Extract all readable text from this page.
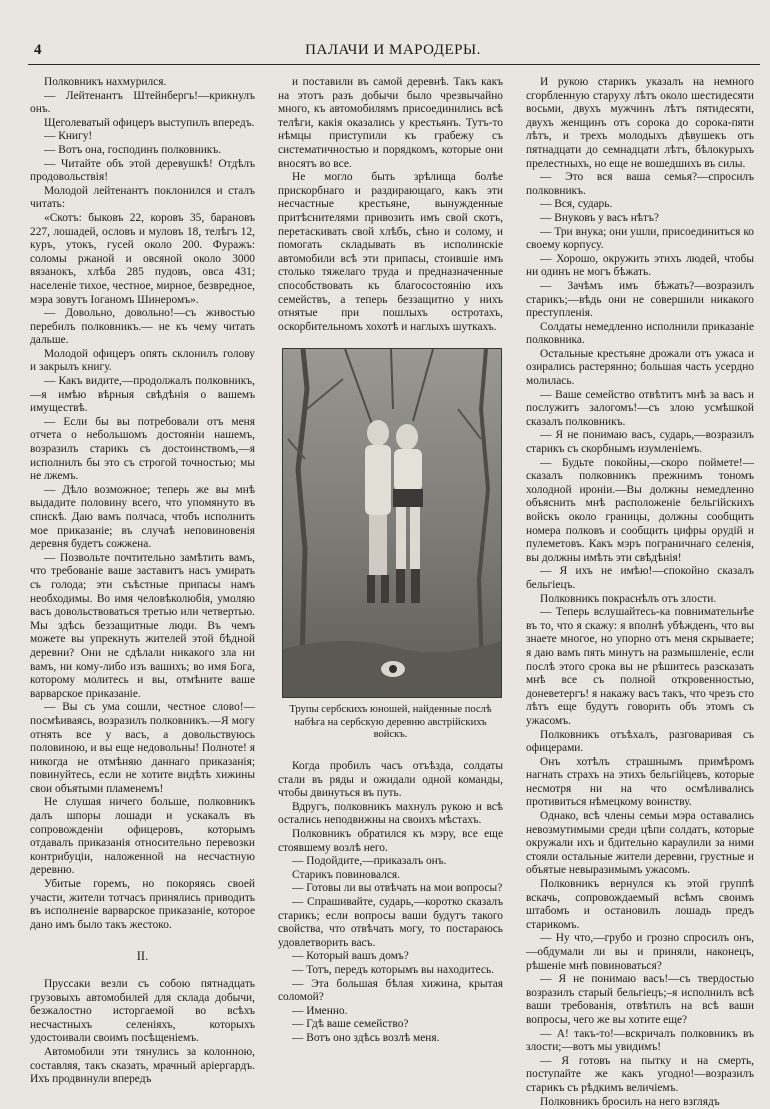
4	ПАЛАЧИ И МАРОДЕРЫ.

Полковникъ нахмурился.

— Лейтенантъ Штейнбергъ!—крикнулъ онъ.

Щеголеватый офицеръ выступилъ впередъ.

— Книгу!

— Вотъ она, господинъ полковникъ.

— Читайте объ этой деревушкѣ! Отдѣлъ продовольствія!

Молодой лейтенантъ поклонился и сталъ читать:

«Скотъ: быковъ 22, коровъ 35, барановъ 227, лошадей, ословъ и муловъ 18, телѣгъ 12, куръ, утокъ, гусей около 200. Фуражъ: соломы ржаной и овсяной около 3000 вязанокъ, хлѣба 285 пудовъ, овса 431; населеніе тихое, честное, мирное, безвредное, мэра зовутъ Іоганомъ Шинеромъ».

— Довольно, довольно!—съ живостью перебилъ полковникъ.— не къ чему читать дальше.

Молодой офицеръ опять склонилъ голову и закрылъ книгу.

— Какъ видите,—продолжалъ полковникъ,—я имѣю вѣрныя свѣдѣнія о вашемъ имуществѣ.

— Если бы вы потребовали отъ меня отчета о небольшомъ достояніи нашемъ, возразилъ старикъ съ достоинствомъ,—я исполнилъ бы это съ строгой точностью; мы не лжемъ.

— Дѣло возможное; теперь же вы мнѣ выдадите половину всего, что упомянуто въ спискѣ. Даю вамъ полчаса, чтобъ исполнить мое приказаніе; въ случаѣ неповиновенія деревня будетъ сожжена.

— Позвольте почтительно замѣтить вамъ, что требованіе ваше заставитъ насъ умирать съ голода; эти съѣстные припасы намъ необходимы. Во имя человѣколюбія, умоляю васъ довольствоваться третью или четвертью. Мы здѣсь беззащитные люди. Въ чемъ можете вы упрекнуть жителей этой бѣдной деревни? Они не сдѣлали никакого зла ни вамъ, ни кому-либо изъ вашихъ; во имя Бога, которому молитесь и вы, отмѣните ваше варварское приказаніе.

— Вы съ ума сошли, честное слово!—посмѣиваясь, возразилъ полковникъ.—Я могу отнять все у васъ, а довольствуюсь половиною, и вы еще недовольны! Полноте! я никогда не отмѣняю даннаго приказанія; повинуйтесь, если не хотите видѣть хижины свои объятыми пламенемъ!

Не слушая ничего больше, полковникъ далъ шпоры лошади и ускакалъ въ сопровожденіи офицеровъ, которымъ отдавалъ приказанія относительно перевозки контрибуціи, наложенной на несчастную деревню.

Убитые горемъ, но покоряясь своей участи, жители тотчасъ принялись приводить въ исполненіе варварское приказаніе, которое дано имъ было такъ жестоко.

II.

Пруссаки везли съ собою пятнадцать грузовыхъ автомобилей для склада добычи, безжалостно исторгаемой во всѣхъ несчастныхъ селеніяхъ, которыхъ удостоивали своимъ посѣщеніемъ.

Автомобили эти тянулись за колонною, составляя, такъ сказать, мрачный аріергардъ. Ихъ продвинули впередъ

и поставили въ самой деревнѣ. Такъ какъ на этотъ разъ добычи было чрезвычайно много, къ автомобилямъ присоединились всѣ телѣги, какія оказались у крестьянъ. Тутъ-то нѣмцы приступили къ грабежу съ систематичностью и порядкомъ, которые они вносятъ во все.

Не могло быть зрѣлища болѣе прискорбнаго и раздирающаго, какъ эти несчастные крестьяне, вынужденные притѣснителями привозить имъ свой скотъ, перетаскивать свой хлѣбъ, сѣно и солому, и помогать складывать въ исполинскіе автомобили всѣ эти припасы, стоившіе имъ столько тяжелаго труда и предназначенные способствовать къ благосостоянію ихъ семействъ, а теперь беззащитно у нихъ отнятые при пошлыхъ остротахъ, оскорбительномъ хохотѣ и наглыхъ шуткахъ.

Трупы сербскихъ юношей, найденные послѣ набѣга на сербскую деревню австрійскихъ войскъ.

Когда пробилъ часъ отъѣзда, солдаты стали въ ряды и ожидали одной команды, чтобы двинуться въ путь.

Вдругъ, полковникъ махнулъ рукою и всѣ остались неподвижны на своихъ мѣстахъ.

Полковникъ обратился къ мэру, все еще стоявшему возлѣ него.

— Подойдите,—приказалъ онъ.

Старикъ повиновался.

— Готовы ли вы отвѣчать на мои вопросы?

— Спрашивайте, сударь,—коротко сказалъ старикъ; если вопросы ваши будутъ такого свойства, что отвѣчать могу, то постараюсь удовлетворить васъ.

— Который вашъ домъ?

— Тотъ, передъ которымъ вы находитесь.

— Эта большая бѣлая хижина, крытая соломой?

— Именно.

— Гдѣ ваше семейство?

— Вотъ оно здѣсь возлѣ меня.

И рукою старикъ указалъ на немного сгорбленную старуху лѣтъ около шестидесяти восьми, двухъ мужчинъ лѣтъ пятидесяти, двухъ женщинъ отъ сорока до сорока-пяти лѣтъ, и трехъ молодыхъ дѣвушекъ отъ пятнадцати до семнадцати лѣтъ, бѣлокурыхъ прелестныхъ, но еще не вошедшихъ въ силы.

— Это вся ваша семья?—спросилъ полковникъ.

— Вся, сударь.

— Внуковъ у васъ нѣтъ?

— Три внука; они ушли, присоединиться ко своему корпусу.

— Хорошо, окружить этихъ людей, чтобы ни одинъ не могъ бѣжать.

— Зачѣмъ имъ бѣжать?—возразилъ старикъ;—вѣдь они не совершили никакого преступленія.

Солдаты немедленно исполнили приказаніе полковника.

Остальные крестьяне дрожали отъ ужаса и озирались растерянно; большая часть усердно молилась.

— Ваше семейство отвѣтитъ мнѣ за васъ и послужитъ залогомъ!—съ злою усмѣшкой сказалъ полковникъ.

— Я не понимаю васъ, сударь,—возразилъ старикъ съ скорбнымъ изумленіемъ.

— Будьте покойны,—скоро поймете!—сказалъ полковникъ прежнимъ тономъ холодной ироніи.—Вы должны немедленно объяснить мнѣ расположеніе бельгійскихъ войскъ около границы, должны сообщить номера полковъ и сообщить цифры орудій и пулеметовъ. Какъ мэръ пограничнаго селенія, вы должны имѣть эти свѣдѣнія!

— Я ихъ не имѣю!—спокойно сказалъ бельгіецъ.

Полковникъ покраснѣлъ отъ злости.

— Теперь вслушайтесь-ка повнимательнѣе въ то, что я скажу: я вполнѣ убѣжденъ, что вы знаете многое, но упорно отъ меня скрываете; я даю вамъ пять минутъ на размышленіе, если послѣ этого срока вы не рѣшитесь разсказать мнѣ все съ полной откровенностью, доневетергъ! я накажу васъ такъ, что чрезъ сто лѣтъ еще будутъ говорить объ этомъ съ ужасомъ.

Полковникъ отъѣхалъ, разговаривая съ офицерами.

Онъ хотѣлъ страшнымъ примѣромъ нагнать страхъ на этихъ бельгійцевъ, которые несмотря ни на что осмѣливались противиться нѣмецкому воинству.

Однако, всѣ члены семьи мэра оставались невозмутимыми среди цѣпи солдатъ, которые окружали ихъ и бдительно караулили за ними стояли остальные жители деревни, грустные и объятые невыразимымъ ужасомъ.

Полковникъ вернулся къ этой группѣ вскачь, сопровождаемый всѣмъ своимъ штабомъ и остановилъ лошадь предъ старикомъ.

— Ну что,—грубо и грозно спросилъ онъ,—обдумали ли вы и приняли, наконецъ, рѣшеніе мнѣ повиноваться?

— Я не понимаю васъ!—съ твердостью возразилъ старый бельгіецъ;–я исполнилъ всѣ ваши требованія, отвѣтилъ на всѣ ваши вопросы, чего же вы хотите еще?

— А! такъ-то!—вскричалъ полковникъ въ злости;—вотъ мы увидимъ!

— Я готовъ на пытку и на смерть, поступайте же какъ угодно!—возразилъ старикъ съ рѣдкимъ величіемъ.

Полковникъ бросилъ на него взглядъ
